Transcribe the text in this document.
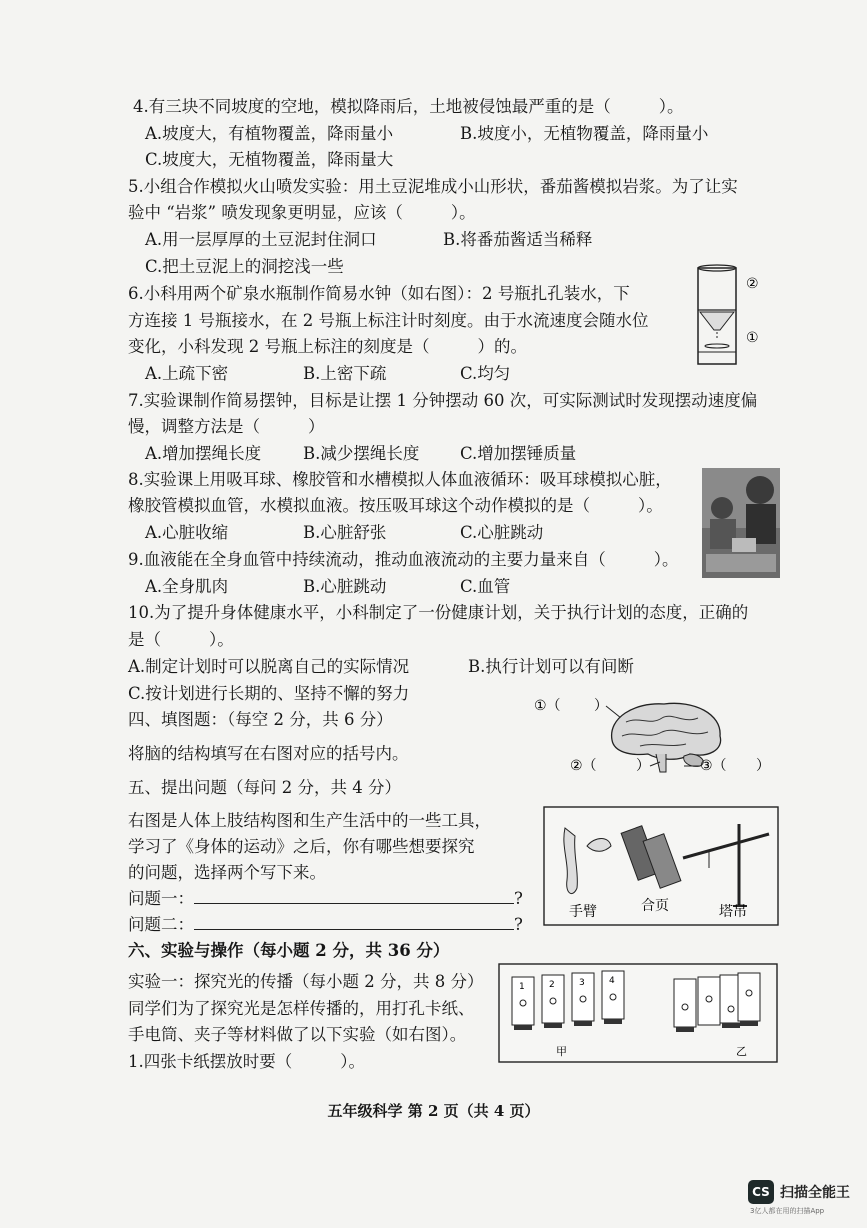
4.有三块不同坡度的空地，模拟降雨后，土地被侵蚀最严重的是（	）。
A.坡度大，有植物覆盖，降雨量小	B.坡度小，无植物覆盖，降雨量小
C.坡度大，无植物覆盖，降雨量大
5.小组合作模拟火山喷发实验：用土豆泥堆成小山形状，番茄酱模拟岩浆。为了让实
验中 “岩浆” 喷发现象更明显，应该（	）。
A.用一层厚厚的土豆泥封住洞口	B.将番茄酱适当稀释
C.把土豆泥上的洞挖浅一些
6.小科用两个矿泉水瓶制作简易水钟（如右图）：2 号瓶扎孔装水，下
方连接 1 号瓶接水，在 2 号瓶上标注计时刻度。由于水流速度会随水位
变化，小科发现 2 号瓶上标注的刻度是（	）的。
A.上疏下密	B.上密下疏	C.均匀
②
①
7.实验课制作简易摆钟，目标是让摆 1 分钟摆动 60 次，可实际测试时发现摆动速度偏
慢，调整方法是（	）
A.增加摆绳长度	B.减少摆绳长度 C.增加摆锤质量
8.实验课上用吸耳球、橡胶管和水槽模拟人体血液循环：吸耳球模拟心脏，
橡胶管模拟血管，水模拟血液。按压吸耳球这个动作模拟的是（	）。
A.心脏收缩	B.心脏舒张	C.心脏跳动
9.血液能在全身血管中持续流动，推动血液流动的主要力量来自（	）。
A.全身肌肉	B.心脏跳动	C.血管
10.为了提升身体健康水平，小科制定了一份健康计划，关于执行计划的态度，正确的
是（	）。
A.制定计划时可以脱离自己的实际情况	B.执行计划可以有间断
C.按计划进行长期的、坚持不懈的努力
四、填图题：（每空 2 分，共 6 分）
将脑的结构填写在右图对应的括号内。
①（ ）
②（	）	③（ ）
五、提出问题（每问 2 分，共 4 分）
右图是人体上肢结构图和生产生活中的一些工具，
学习了《身体的运动》之后，你有哪些想要探究
的问题，选择两个写下来。
问题一：	?
问题二：	?
手臂	合页	塔吊
六、实验与操作（每小题 2 分，共 36 分）
实验一：探究光的传播（每小题 2 分，共 8 分）
同学们为了探究光是怎样传播的，用打孔卡纸、
手电筒、夹子等材料做了以下实验（如右图）。
1.四张卡纸摆放时要（	）。
1	2	3	4
甲	乙
五年级科学 第 2 页（共 4 页）
CS 扫描全能王
3亿人都在用的扫描App
